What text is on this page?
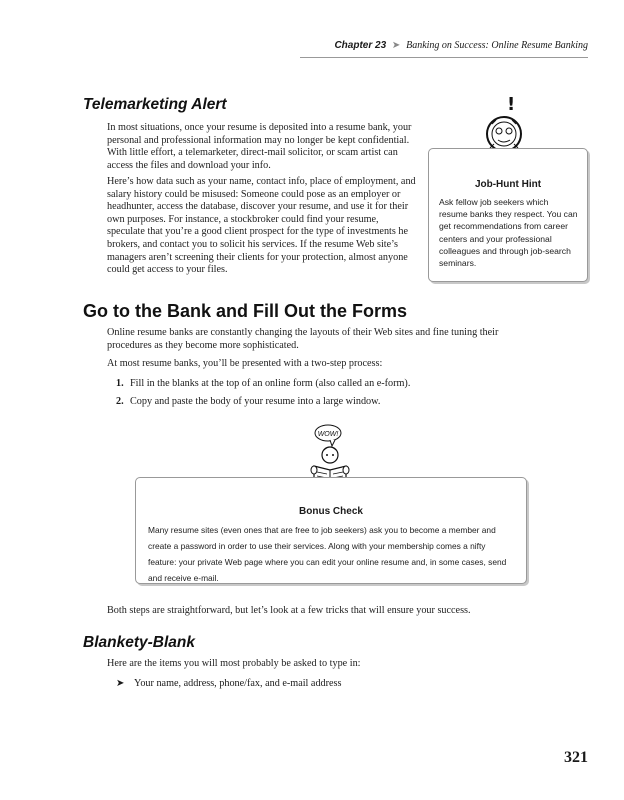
Chapter 23 ➤ Banking on Success: Online Resume Banking
Telemarketing Alert

In most situations, once your resume is deposited into a resume bank, your personal and professional information may no longer be kept confidential. With little effort, a telemarketer, direct-mail solicitor, or scam artist can access the files and download your info.

Here’s how data such as your name, contact info, place of employment, and salary history could be misused: Someone could pose as an employer or headhunter, access the database, discover your resume, and use it for their own purposes. For instance, a stockbroker could find your resume, speculate that you’re a good client prospect for the type of investments he brokers, and contact you to solicit his services. If the resume Web site’s managers aren’t screening their clients for your protection, almost anyone could get access to your files.

!
Job-Hunt Hint
Ask fellow job seekers which resume banks they respect. You can get recommendations from career centers and your professional colleagues and through job-search seminars.
Go to the Bank and Fill Out the Forms

Online resume banks are constantly changing the layouts of their Web sites and fine tuning their procedures as they become more sophisticated.

At most resume banks, you’ll be presented with a two-step process:

1. Fill in the blanks at the top of an online form (also called an e-form).
2. Copy and paste the body of your resume into a large window.
WOW!
Bonus Check
Many resume sites (even ones that are free to job seekers) ask you to become a member and create a password in order to use their services. Along with your membership comes a nifty feature: your private Web page where you can edit your online resume and, in some cases, send and receive e-mail.

Both steps are straightforward, but let’s look at a few tricks that will ensure your success.

Blankety-Blank

Here are the items you will most probably be asked to type in:

➤ Your name, address, phone/fax, and e-mail address
321
